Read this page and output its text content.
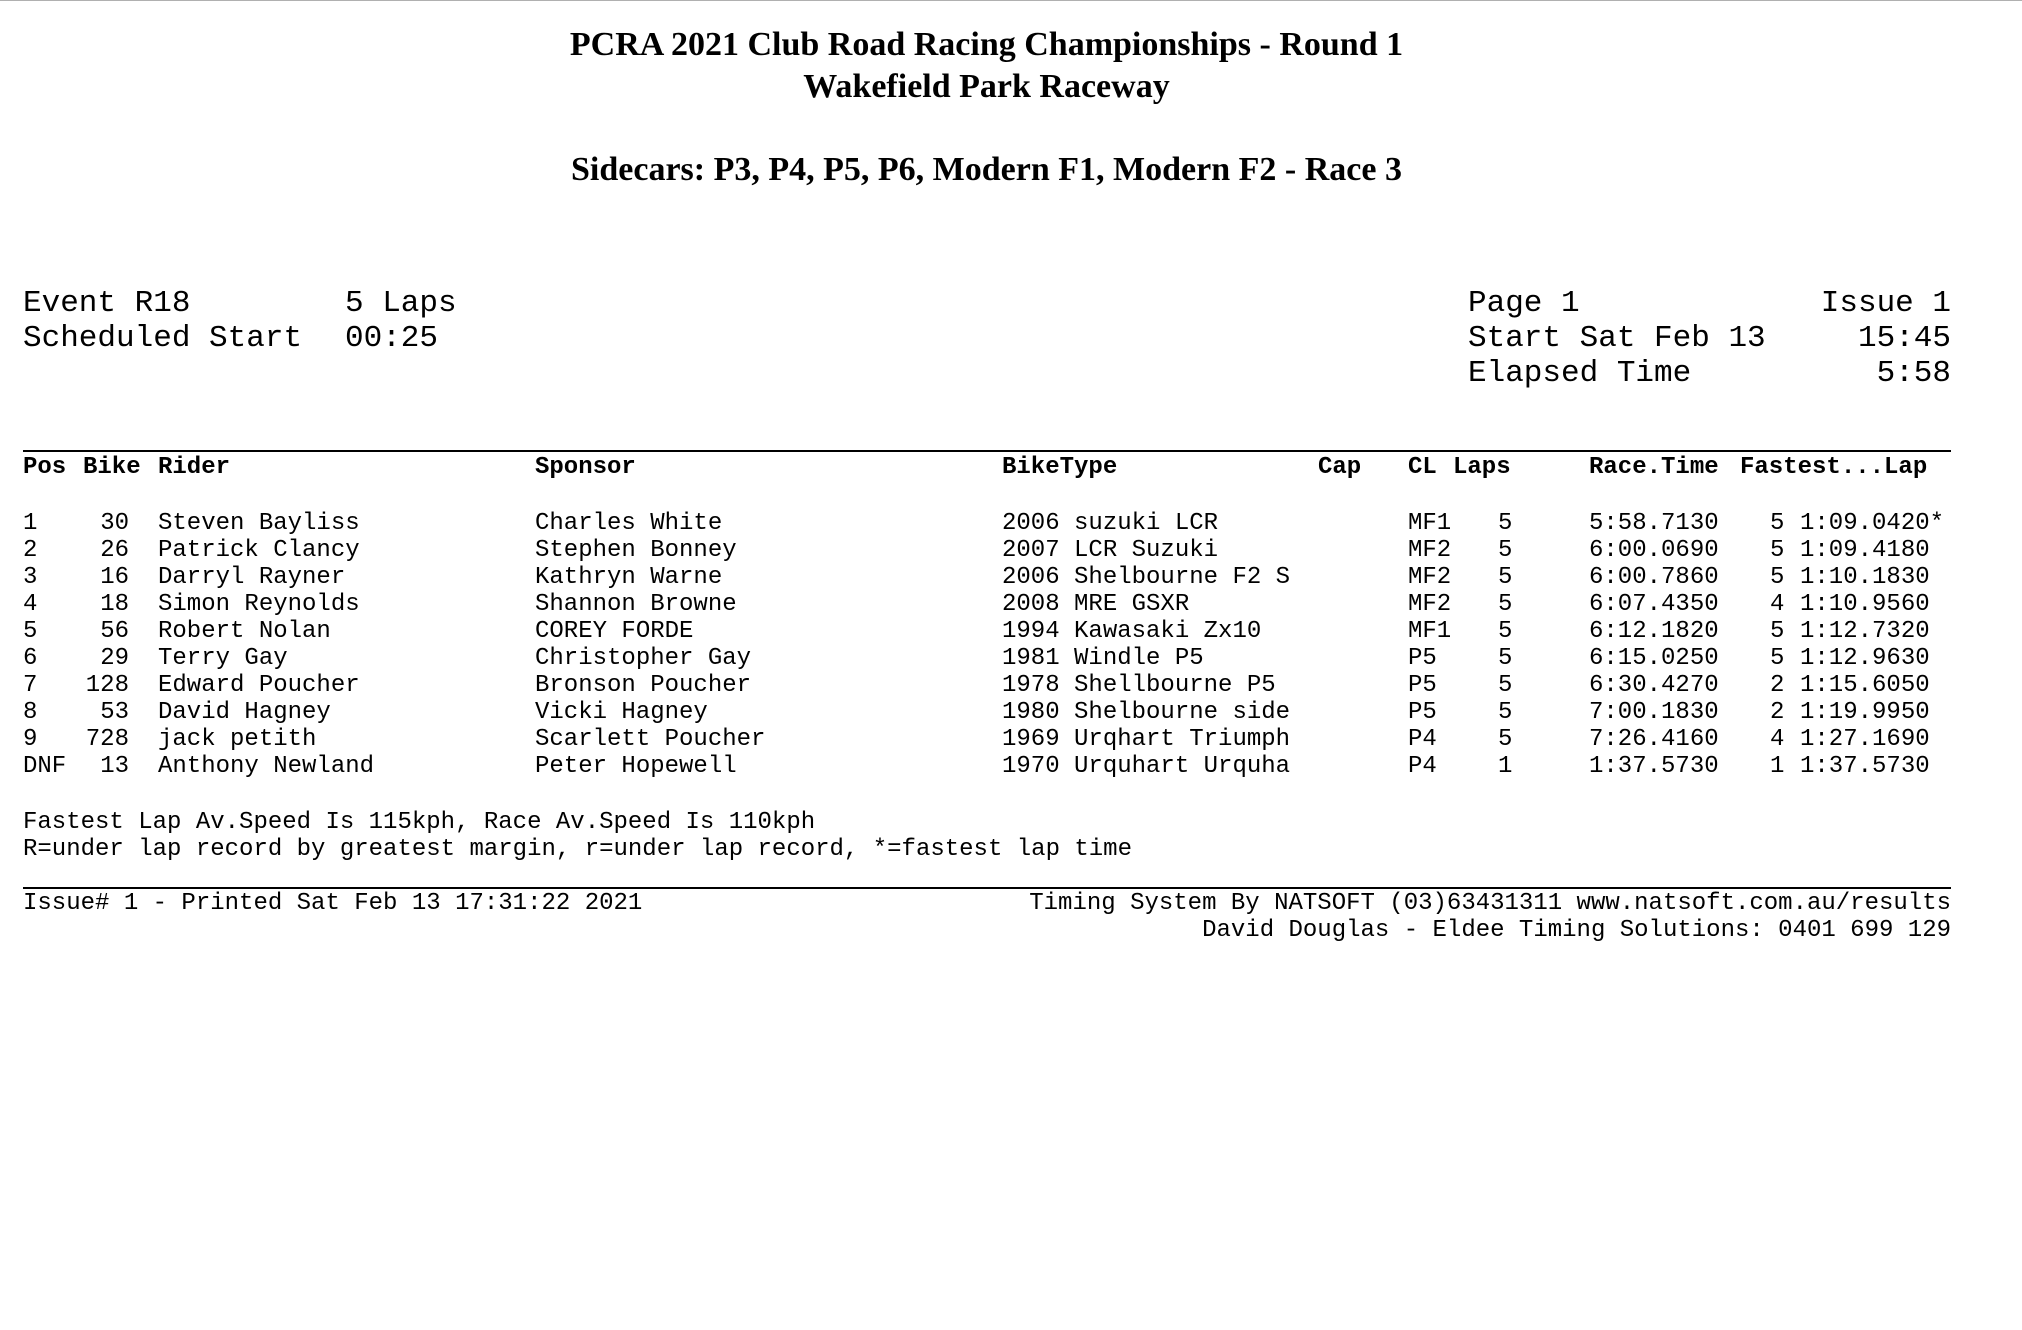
PCRA 2021 Club Road Racing Championships - Round 1
Wakefield Park Raceway
Sidecars: P3, P4, P5, P6, Modern F1, Modern F2 - Race 3
Event R18	5 Laps
Scheduled Start 00:25
Page 1	Issue 1
Start Sat Feb 13	15:45
Elapsed Time	5:58
Pos Bike Rider	Sponsor	BikeType	Cap CL Laps	Race.Time Fastest...Lap
1	30 Steven Bayliss	Charles White	2006 suzuki LCR	MF1 5	5:58.7130 5 1:09.0420*
2	26 Patrick Clancy	Stephen Bonney	2007 LCR Suzuki	MF2 5	6:00.0690 5 1:09.4180
3	16 Darryl Rayner	Kathryn Warne	2006 Shelbourne F2 S	MF2 5	6:00.7860 5 1:10.1830
4	18 Simon Reynolds	Shannon Browne	2008 MRE GSXR	MF2 5	6:07.4350 4 1:10.9560
5	56 Robert Nolan	COREY FORDE	1994 Kawasaki Zx10	MF1 5	6:12.1820 5 1:12.7320
6	29 Terry Gay	Christopher Gay	1981 Windle P5	P5	5	6:15.0250 5 1:12.9630
7 128 Edward Poucher	Bronson Poucher	1978 Shellbourne P5	P5	5	6:30.4270 2 1:15.6050
8	53 David Hagney	Vicki Hagney	1980 Shelbourne side	P5	5	7:00.1830 2 1:19.9950
9 728 jack petith	Scarlett Poucher	1969 Urqhart Triumph	P4	5	7:26.4160 4 1:27.1690
DNF	13 Anthony Newland	Peter Hopewell	1970 Urquhart Urquha	P4	1	1:37.5730 1 1:37.5730
Fastest Lap Av.Speed Is 115kph, Race Av.Speed Is 110kph
R=under lap record by greatest margin, r=under lap record, *=fastest lap time
Issue# 1 - Printed Sat Feb 13 17:31:22 2021	Timing System By NATSOFT (03)63431311 www.natsoft.com.au/results
David Douglas - Eldee Timing Solutions: 0401 699 129
